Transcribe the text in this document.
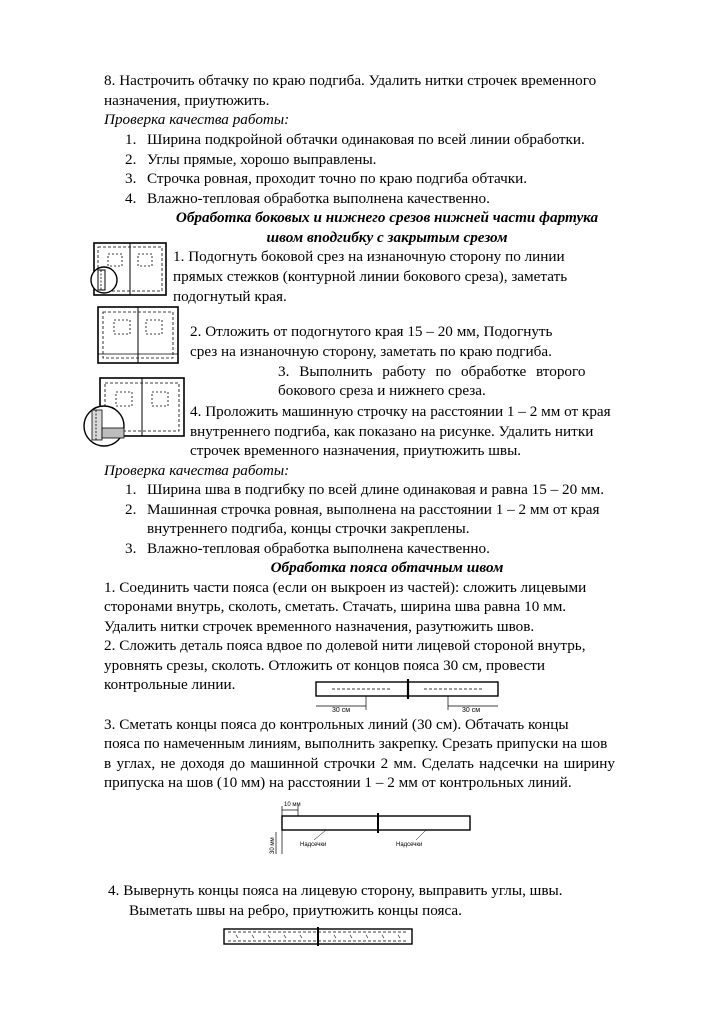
8. Настрочить обтачку по краю подгиба. Удалить нитки строчек временного
назначения, приутюжить.
Проверка качества работы:
1. Ширина подкройной обтачки одинаковая по всей линии обработки.
2. Углы прямые, хорошо выправлены.
3. Строчка ровная, проходит точно по краю подгиба обтачки.
4. Влажно-тепловая обработка выполнена качественно.
Обработка боковых и нижнего срезов нижней части фартука
швом вподгибку с закрытым срезом
1. Подогнуть боковой срез на изнаночную сторону по линии
прямых стежков (контурной линии бокового среза), заметать
подогнутый края.
2. Отложить от подогнутого края 15 – 20 мм, Подогнуть
срез на изнаночную сторону, заметать по краю подгиба.
3. Выполнить работу по обработке второго
бокового среза и нижнего среза.
4. Проложить машинную строчку на расстоянии 1 – 2 мм от края
внутреннего подгиба, как показано на рисунке. Удалить нитки
строчек временного назначения, приутюжить швы.
Проверка качества работы:
1. Ширина шва в подгибку по всей длине одинаковая и равна 15 – 20 мм.
2. Машинная строчка ровная, выполнена на расстоянии 1 – 2 мм от края
внутреннего подгиба, концы строчки закреплены.
3. Влажно-тепловая обработка выполнена качественно.
Обработка пояса обтачным швом
1. Соединить части пояса (если он выкроен из частей): сложить лицевыми
сторонами внутрь, сколоть, сметать. Стачать, ширина шва равна 10 мм.
Удалить нитки строчек временного назначения, разутюжить швов.
2. Сложить деталь пояса вдвое по долевой нити лицевой стороной внутрь,
уровнять срезы, сколоть. Отложить от концов пояса 30 см, провести
контрольные линии.
30 см	30 см
3. Сметать концы пояса до контрольных линий (30 см). Обтачать концы
пояса по намеченным линиям, выполнить закрепку. Срезать припуски на шов
в углах, не доходя до машинной строчки 2 мм. Сделать надсечки на ширину
припуска на шов (10 мм) на расстоянии 1 – 2 мм от контрольных линий.
10 мм
30 мм	Надсечки	Надсечки
4. Вывернуть концы пояса на лицевую сторону, выправить углы, швы.
Выметать швы на ребро, приутюжить концы пояса.
